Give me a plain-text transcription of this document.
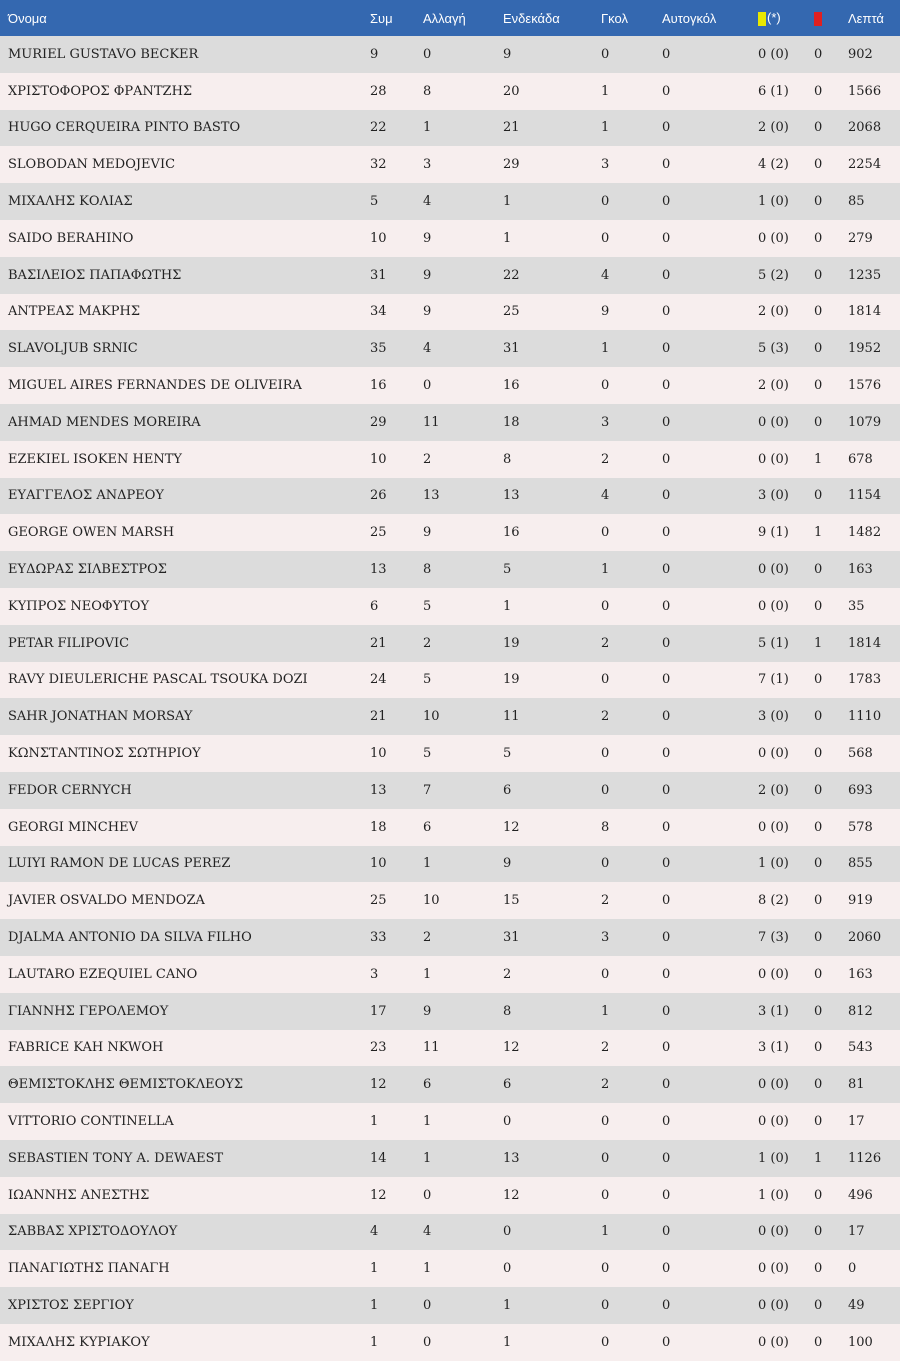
Όνομα	Συμ	Αλλαγή	Ενδεκάδα	Γκολ	Αυτογκόλ	(*)		Λεπτά
MURIEL GUSTAVO BECKER	9	0	9	0	0	0 (0)	0	902
ΧΡΙΣΤΟΦΟΡΟΣ ΦΡΑΝΤΖΗΣ	28	8	20	1	0	6 (1)	0	1566
HUGO CERQUEIRA PINTO BASTO	22	1	21	1	0	2 (0)	0	2068
SLOBODAN MEDOJEVIC	32	3	29	3	0	4 (2)	0	2254
ΜΙΧΑΛΗΣ ΚΟΛΙΑΣ	5	4	1	0	0	1 (0)	0	85
SAIDO BERAHINO	10	9	1	0	0	0 (0)	0	279
ΒΑΣΙΛΕΙΟΣ ΠΑΠΑΦΩΤΗΣ	31	9	22	4	0	5 (2)	0	1235
ΑΝΤΡΕΑΣ ΜΑΚΡΗΣ	34	9	25	9	0	2 (0)	0	1814
SLAVOLJUB SRNIC	35	4	31	1	0	5 (3)	0	1952
MIGUEL AIRES FERNANDES DE OLIVEIRA	16	0	16	0	0	2 (0)	0	1576
AHMAD MENDES MOREIRA	29	11	18	3	0	0 (0)	0	1079
EZEKIEL ISOKEN HENTY	10	2	8	2	0	0 (0)	1	678
ΕΥΑΓΓΕΛΟΣ ΑΝΔΡΕΟΥ	26	13	13	4	0	3 (0)	0	1154
GEORGE OWEN MARSH	25	9	16	0	0	9 (1)	1	1482
ΕΥΔΩΡΑΣ ΣΙΛΒΕΣΤΡΟΣ	13	8	5	1	0	0 (0)	0	163
ΚΥΠΡΟΣ ΝΕΟΦΥΤΟΥ	6	5	1	0	0	0 (0)	0	35
PETAR FILIPOVIC	21	2	19	2	0	5 (1)	1	1814
RAVY DIEULERICHE PASCAL TSOUKA DOZI	24	5	19	0	0	7 (1)	0	1783
SAHR JONATHAN MORSAY	21	10	11	2	0	3 (0)	0	1110
ΚΩΝΣΤΑΝΤΙΝΟΣ ΣΩΤΗΡΙΟΥ	10	5	5	0	0	0 (0)	0	568
FEDOR CERNYCH	13	7	6	0	0	2 (0)	0	693
GEORGI MINCHEV	18	6	12	8	0	0 (0)	0	578
LUIYI RAMON DE LUCAS PEREZ	10	1	9	0	0	1 (0)	0	855
JAVIER OSVALDO MENDOZA	25	10	15	2	0	8 (2)	0	919
DJALMA ANTONIO DA SILVA FILHO	33	2	31	3	0	7 (3)	0	2060
LAUTARO EZEQUIEL CANO	3	1	2	0	0	0 (0)	0	163
ΓΙΑΝΝΗΣ ΓΕΡΟΛΕΜΟΥ	17	9	8	1	0	3 (1)	0	812
FABRICE KAH NKWOH	23	11	12	2	0	3 (1)	0	543
ΘΕΜΙΣΤΟΚΛΗΣ ΘΕΜΙΣΤΟΚΛΕΟΥΣ	12	6	6	2	0	0 (0)	0	81
VITTORIO CONTINELLA	1	1	0	0	0	0 (0)	0	17
SEBASTIEN TONY A. DEWAEST	14	1	13	0	0	1 (0)	1	1126
ΙΩΑΝΝΗΣ ΑΝΕΣΤΗΣ	12	0	12	0	0	1 (0)	0	496
ΣΑΒΒΑΣ ΧΡΙΣΤΟΔΟΥΛΟΥ	4	4	0	1	0	0 (0)	0	17
ΠΑΝΑΓΙΩΤΗΣ ΠΑΝΑΓΗ	1	1	0	0	0	0 (0)	0	0
ΧΡΙΣΤΟΣ ΣΕΡΓΙΟΥ	1	0	1	0	0	0 (0)	0	49
ΜΙΧΑΛΗΣ ΚΥΡΙΑΚΟΥ	1	0	1	0	0	0 (0)	0	100
